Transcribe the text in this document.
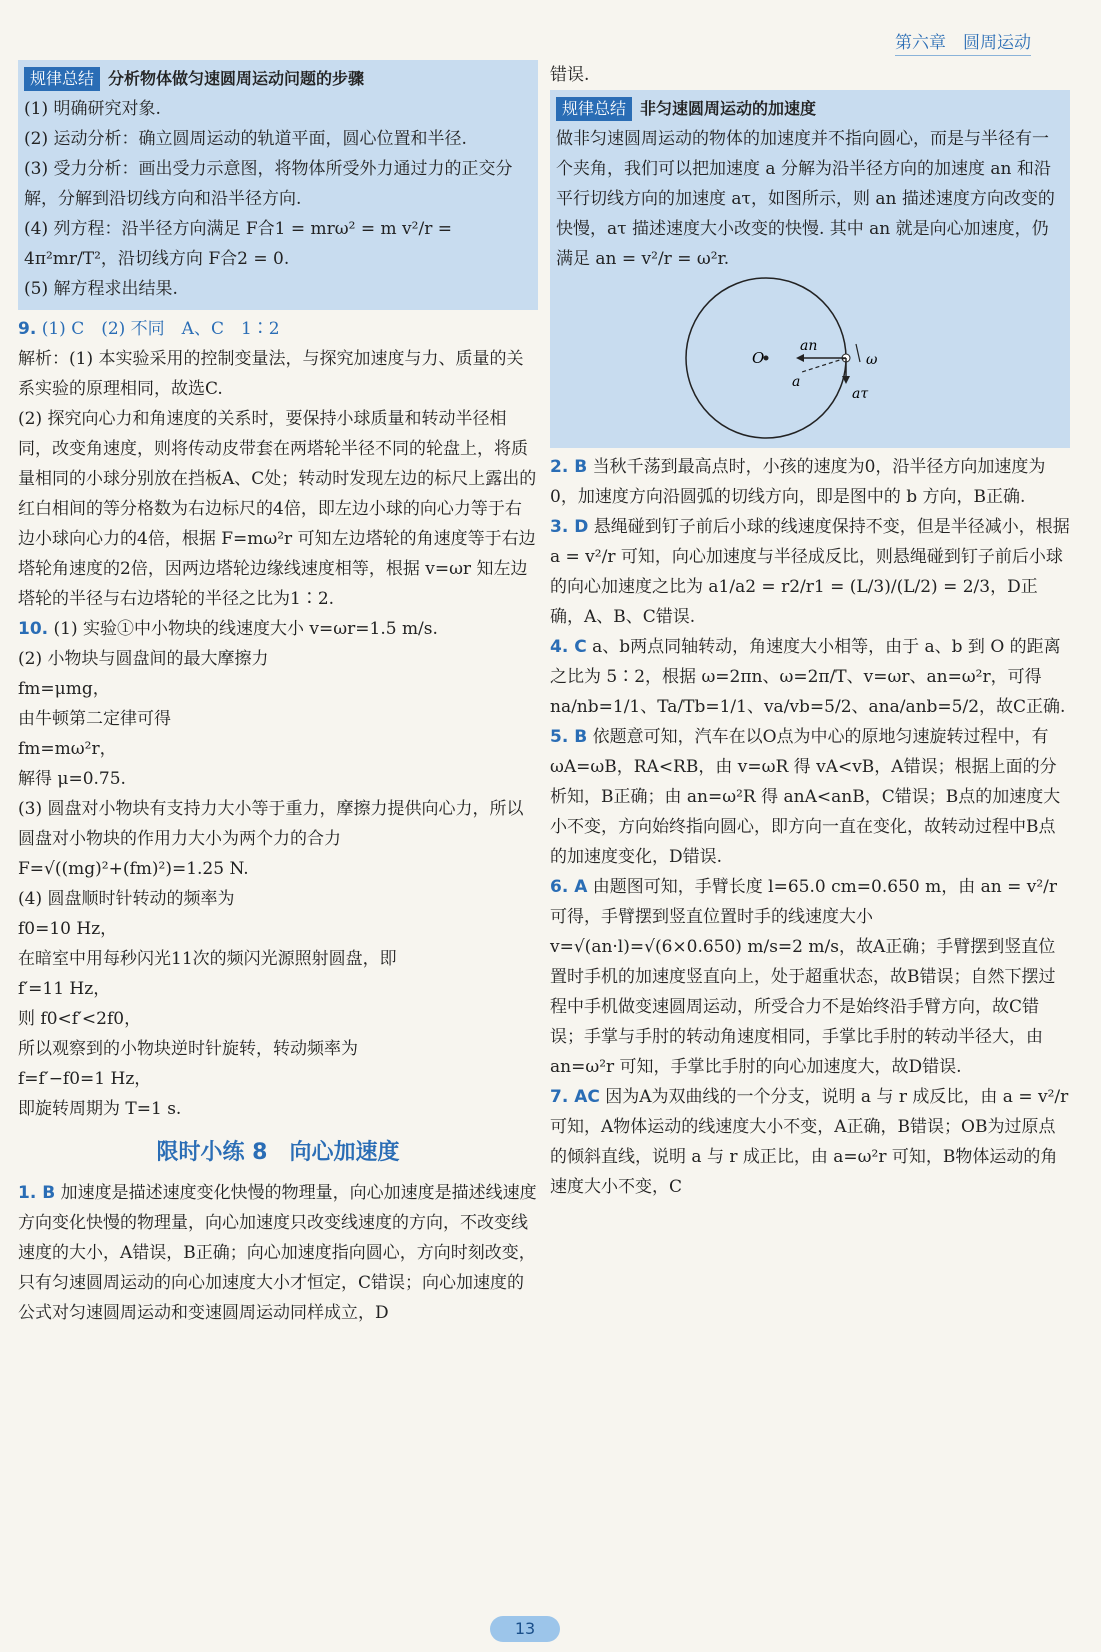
第六章　圆周运动
规律总结 分析物体做匀速圆周运动问题的步骤

(1) 明确研究对象.

(2) 运动分析：确立圆周运动的轨道平面，圆心位置和半径.

(3) 受力分析：画出受力示意图，将物体所受外力通过力的正交分解，分解到沿切线方向和沿半径方向.

(4) 列方程：沿半径方向满足 F合1 = mrω² = m v²/r = 4π²mr/T²，沿切线方向 F合2 = 0.

(5) 解方程求出结果.

9. (1) C　(2) 不同　A、C　1∶2

解析：(1) 本实验采用的控制变量法，与探究加速度与力、质量的关系实验的原理相同，故选C.

(2) 探究向心力和角速度的关系时，要保持小球质量和转动半径相同，改变角速度，则将传动皮带套在两塔轮半径不同的轮盘上，将质量相同的小球分别放在挡板A、C处；转动时发现左边的标尺上露出的红白相间的等分格数为右边标尺的4倍，即左边小球的向心力等于右边小球向心力的4倍，根据 F=mω²r 可知左边塔轮的角速度等于右边塔轮角速度的2倍，因两边塔轮边缘线速度相等，根据 v=ωr 知左边塔轮的半径与右边塔轮的半径之比为1∶2.

10. (1) 实验①中小物块的线速度大小 v=ωr=1.5 m/s.

(2) 小物块与圆盘间的最大摩擦力

fm=μmg，

由牛顿第二定律可得

fm=mω²r，

解得 μ=0.75.

(3) 圆盘对小物块有支持力大小等于重力，摩擦力提供向心力，所以圆盘对小物块的作用力大小为两个力的合力

F=√((mg)²+(fm)²)=1.25 N.

(4) 圆盘顺时针转动的频率为

f0=10 Hz，

在暗室中用每秒闪光11次的频闪光源照射圆盘，即

f′=11 Hz，

则 f0<f′<2f0，

所以观察到的小物块逆时针旋转，转动频率为

f=f′−f0=1 Hz，

即旋转周期为 T=1 s.

限时小练 8　向心加速度

1. B 加速度是描述速度变化快慢的物理量，向心加速度是描述线速度方向变化快慢的物理量，向心加速度只改变线速度的方向，不改变线速度的大小，A错误，B正确；向心加速度指向圆心，方向时刻改变，只有匀速圆周运动的向心加速度大小才恒定，C错误；向心加速度的公式对匀速圆周运动和变速圆周运动同样成立，D

错误.

规律总结 非匀速圆周运动的加速度

做非匀速圆周运动的物体的加速度并不指向圆心，而是与半径有一个夹角，我们可以把加速度 a 分解为沿半径方向的加速度 an 和沿平行切线方向的加速度 aτ，如图所示，则 an 描述速度方向改变的快慢，aτ 描述速度大小改变的快慢. 其中 an 就是向心加速度，仍满足 an = v²/r = ω²r.

O
an
a
aτ
ω

2. B 当秋千荡到最高点时，小孩的速度为0，沿半径方向加速度为0，加速度方向沿圆弧的切线方向，即是图中的 b 方向，B正确.

3. D 悬绳碰到钉子前后小球的线速度保持不变，但是半径减小，根据 a = v²/r 可知，向心加速度与半径成反比，则悬绳碰到钉子前后小球的向心加速度之比为 a1/a2 = r2/r1 = (L/3)/(L/2) = 2/3，D正确，A、B、C错误.

4. C a、b两点同轴转动，角速度大小相等，由于 a、b 到 O 的距离之比为 5∶2，根据 ω=2πn、ω=2π/T、v=ωr、an=ω²r，可得 na/nb=1/1、Ta/Tb=1/1、va/vb=5/2、ana/anb=5/2，故C正确.

5. B 依题意可知，汽车在以O点为中心的原地匀速旋转过程中，有 ωA=ωB，RA<RB，由 v=ωR 得 vA<vB，A错误；根据上面的分析知，B正确；由 an=ω²R 得 anA<anB，C错误；B点的加速度大小不变，方向始终指向圆心，即方向一直在变化，故转动过程中B点的加速度变化，D错误.

6. A 由题图可知，手臂长度 l=65.0 cm=0.650 m，由 an = v²/r 可得，手臂摆到竖直位置时手的线速度大小 v=√(an·l)=√(6×0.650) m/s=2 m/s，故A正确；手臂摆到竖直位置时手机的加速度竖直向上，处于超重状态，故B错误；自然下摆过程中手机做变速圆周运动，所受合力不是始终沿手臂方向，故C错误；手掌与手肘的转动角速度相同，手掌比手肘的转动半径大，由 an=ω²r 可知，手掌比手肘的向心加速度大，故D错误.

7. AC 因为A为双曲线的一个分支，说明 a 与 r 成反比，由 a = v²/r 可知，A物体运动的线速度大小不变，A正确，B错误；OB为过原点的倾斜直线，说明 a 与 r 成正比，由 a=ω²r 可知，B物体运动的角速度大小不变，C

13
